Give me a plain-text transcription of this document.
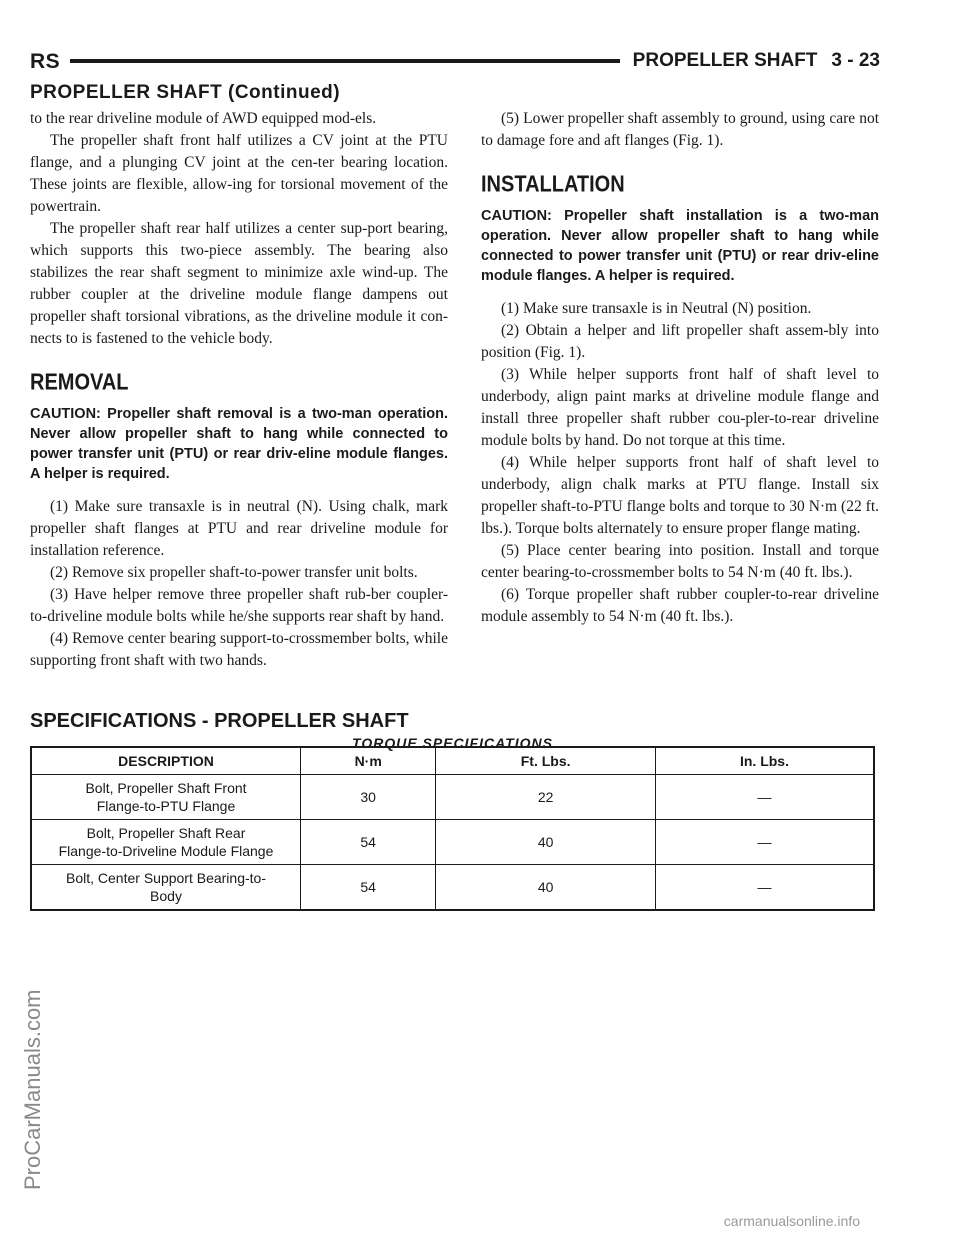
RS	PROPELLER SHAFT 3 - 23
PROPELLER SHAFT (Continued)

to the rear driveline module of AWD equipped mod-els.

The propeller shaft front half utilizes a CV joint at the PTU flange, and a plunging CV joint at the cen-ter bearing location. These joints are flexible, allow-ing for torsional movement of the powertrain.

The propeller shaft rear half utilizes a center sup-port bearing, which supports this two-piece assembly. The bearing also stabilizes the rear shaft segment to minimize axle wind-up. The rubber coupler at the driveline module flange dampens out propeller shaft torsional vibrations, as the driveline module it con-nects to is fastened to the vehicle body.

REMOVAL

CAUTION: Propeller shaft removal is a two-man operation. Never allow propeller shaft to hang while connected to power transfer unit (PTU) or rear driv-eline module flanges. A helper is required.

(1) Make sure transaxle is in neutral (N). Using chalk, mark propeller shaft flanges at PTU and rear driveline module for installation reference.

(2) Remove six propeller shaft-to-power transfer unit bolts.

(3) Have helper remove three propeller shaft rub-ber coupler-to-driveline module bolts while he/she supports rear shaft by hand.

(4) Remove center bearing support-to-crossmember bolts, while supporting front shaft with two hands.

(5) Lower propeller shaft assembly to ground, using care not to damage fore and aft flanges (Fig. 1).

INSTALLATION

CAUTION: Propeller shaft installation is a two-man operation. Never allow propeller shaft to hang while connected to power transfer unit (PTU) or rear driv-eline module flanges. A helper is required.

(1) Make sure transaxle is in Neutral (N) position.

(2) Obtain a helper and lift propeller shaft assem-bly into position (Fig. 1).

(3) While helper supports front half of shaft level to underbody, align paint marks at driveline module flange and install three propeller shaft rubber cou-pler-to-rear driveline module bolts by hand. Do not torque at this time.

(4) While helper supports front half of shaft level to underbody, align chalk marks at PTU flange. Install six propeller shaft-to-PTU flange bolts and torque to 30 N·m (22 ft. lbs.). Torque bolts alternately to ensure proper flange mating.

(5) Place center bearing into position. Install and torque center bearing-to-crossmember bolts to 54 N·m (40 ft. lbs.).

(6) Torque propeller shaft rubber coupler-to-rear driveline module assembly to 54 N·m (40 ft. lbs.).

SPECIFICATIONS - PROPELLER SHAFT
TORQUE SPECIFICATIONS
DESCRIPTION	N·m	Ft. Lbs.	In. Lbs.
Bolt, Propeller Shaft Front
Flange-to-PTU Flange	30	22	—
Bolt, Propeller Shaft Rear
Flange-to-Driveline Module Flange	54	40	—
Bolt, Center Support Bearing-to-
Body	54	40	—
ProCarManuals.com
carmanualsonline.info
